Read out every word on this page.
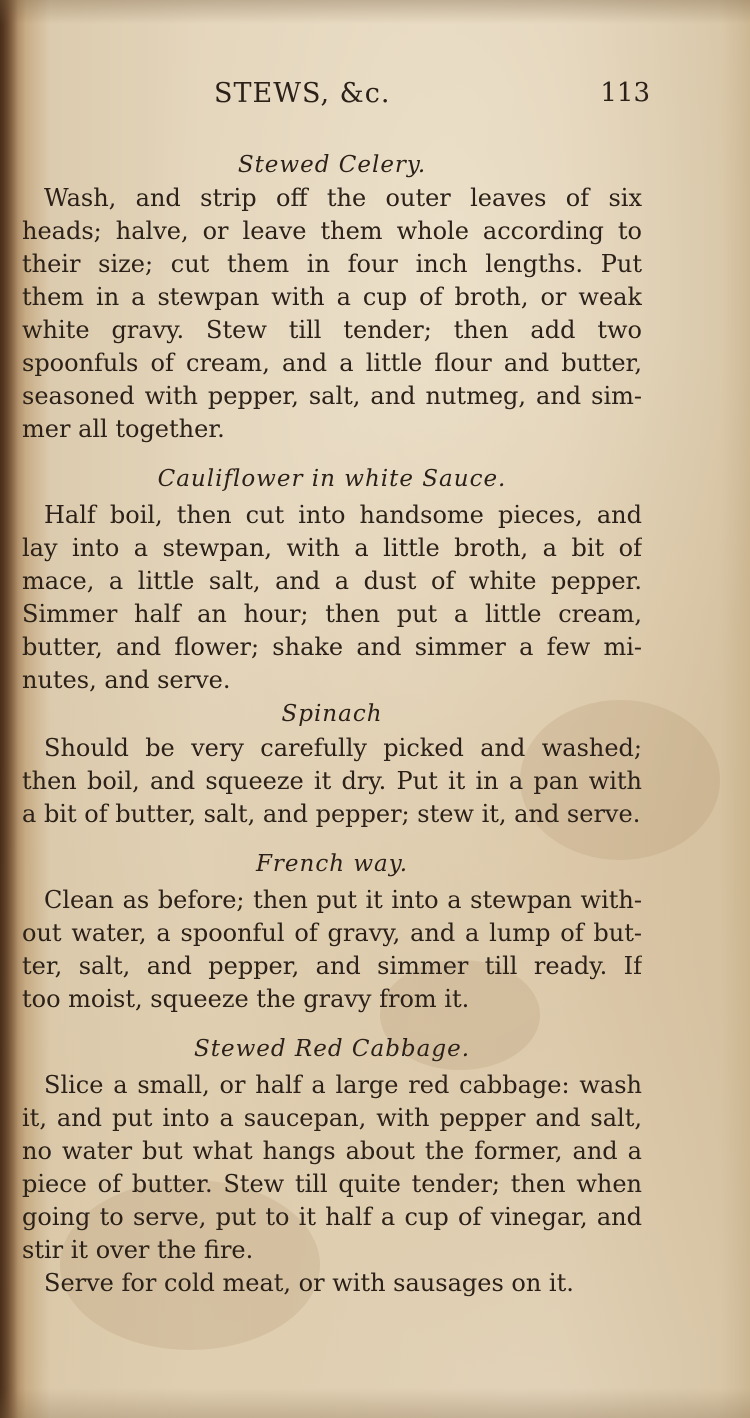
STEWS, &c.	113
Stewed Celery.
Wash, and strip off the outer leaves of six
heads; halve, or leave them whole according to
their size; cut them in four inch lengths. Put
them in a stewpan with a cup of broth, or weak
white gravy. Stew till tender; then add two
spoonfuls of cream, and a little flour and butter,
seasoned with pepper, salt, and nutmeg, and sim-
mer all together.
Cauliflower in white Sauce.
Half boil, then cut into handsome pieces, and
lay into a stewpan, with a little broth, a bit of
mace, a little salt, and a dust of white pepper.
Simmer half an hour; then put a little cream,
butter, and flower; shake and simmer a few mi-
nutes, and serve.
Spinach
Should be very carefully picked and washed;
then boil, and squeeze it dry. Put it in a pan with
a bit of butter, salt, and pepper; stew it, and serve.
French way.
Clean as before; then put it into a stewpan with-
out water, a spoonful of gravy, and a lump of but-
ter, salt, and pepper, and simmer till ready. If
too moist, squeeze the gravy from it.
Stewed Red Cabbage.
Slice a small, or half a large red cabbage: wash
it, and put into a saucepan, with pepper and salt,
no water but what hangs about the former, and a
piece of butter. Stew till quite tender; then when
going to serve, put to it half a cup of vinegar, and
stir it over the fire.
Serve for cold meat, or with sausages on it.
